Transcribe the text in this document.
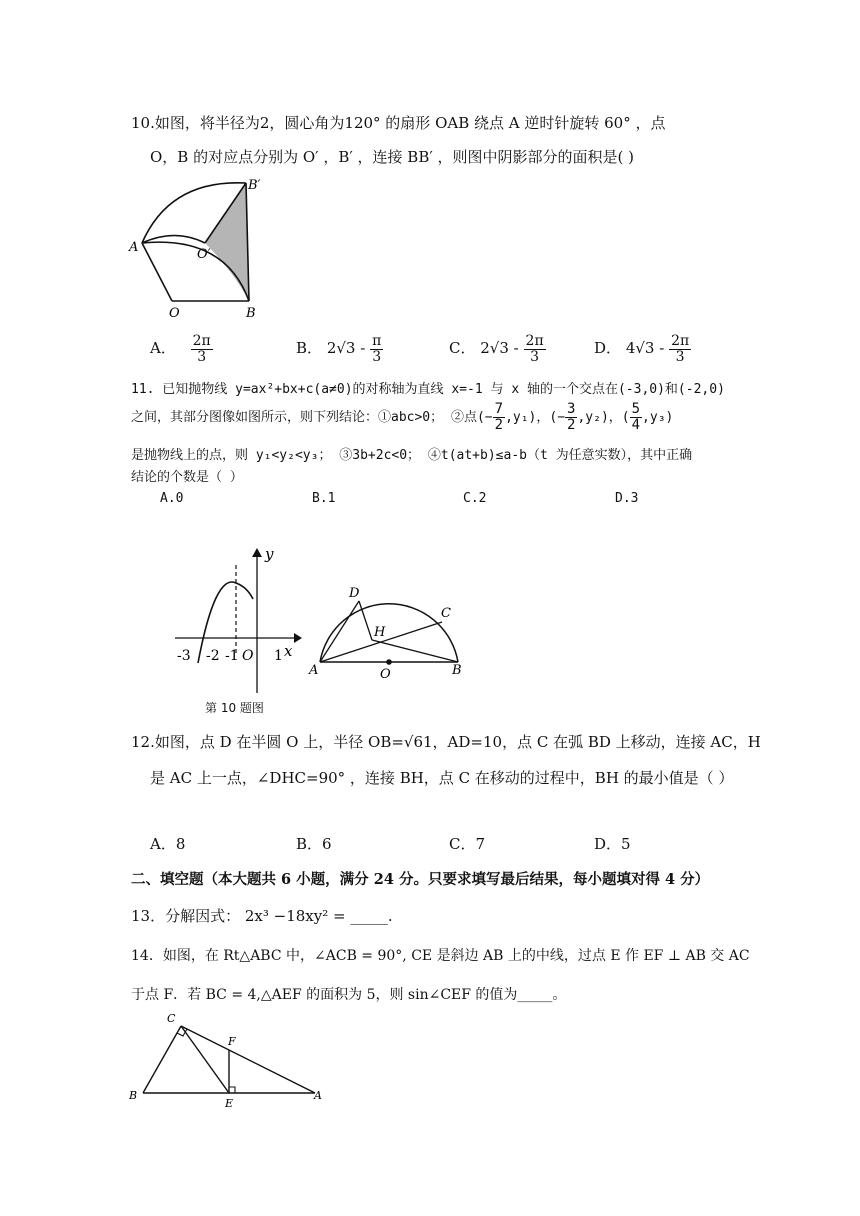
10.如图，将半径为2，圆心角为120° 的扇形 OAB 绕点 A 逆时针旋转 60° ，点
O，B 的对应点分别为 O′ ，B′ ，连接 BB′ ，则图中阴影部分的面积是( )
A
O	B
B′
O′
A． $\frac{2\pi}{3}$	B． $2√3 - \frac{\pi}{3}$	C． $2√3 - \frac{2\pi}{3}$	D． $4√3 - \frac{2\pi}{3}$
11. 已知抛物线 y=ax²+bx+c(a≠0)的对称轴为直线 x=-1 与 x 轴的一个交点在(-3,0)和(-2,0)
之间，其部分图像如图所示，则下列结论：①abc>0； ②点(− $\frac{7}{2} ,y_1$)，(− $\frac{3}{2} ,y_2$)，( $\frac{5}{4} ,y_3$)
是抛物线上的点，则 y₁<y₂<y₃； ③3b+2c<0； ④t(at+b)≤a-b（t 为任意实数），其中正确
结论的个数是（ ）
A.0	B.1	C.2	D.3
y
x
-3 -2 -1 O 1
第 10 题图
D
C
H
A	O	B
12.如图，点 D 在半圆 O 上，半径 OB=√61，AD=10，点 C 在弧 BD 上移动，连接 AC，H
是 AC 上一点，∠DHC=90° ，连接 BH，点 C 在移动的过程中，BH 的最小值是（ ）
A．8	B．6	C．7	D．5
二、填空题（本大题共 6 小题，满分 24 分。只要求填写最后结果，每小题填对得 4 分）
13．分解因式： 2x³ −18xy² = _____.
14．如图，在 Rt△ABC 中，∠ACB = 90°, CE 是斜边 AB 上的中线，过点 E 作 EF ⊥ AB 交 AC
于点 F．若 BC = 4,△AEF 的面积为 5，则 sin∠CEF 的值为_____。
C
F
B
E
A
